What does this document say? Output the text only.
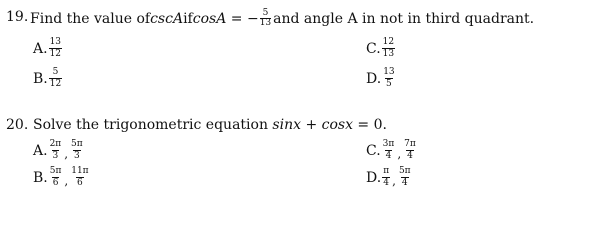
19. Find the value of cscA if cosA = − $\frac{5}{13}$ and angle A in not in third quadrant.
A. $\frac{13}{12}$
B. $\frac{5}{12}$
C. $\frac{12}{13}$
D. $\frac{13}{5}$
20. Solve the trigonometric equation sinx + cosx = 0.
A. $\frac{2\pi}{3}$ , $\frac{5\pi}{3}$
B. $\frac{5\pi}{6}$ , $\frac{11\pi}{6}$
C. $\frac{3\pi}{4}$ , $\frac{7\pi}{4}$
D. $\frac{\pi}{4}$ , $\frac{5\pi}{4}$
